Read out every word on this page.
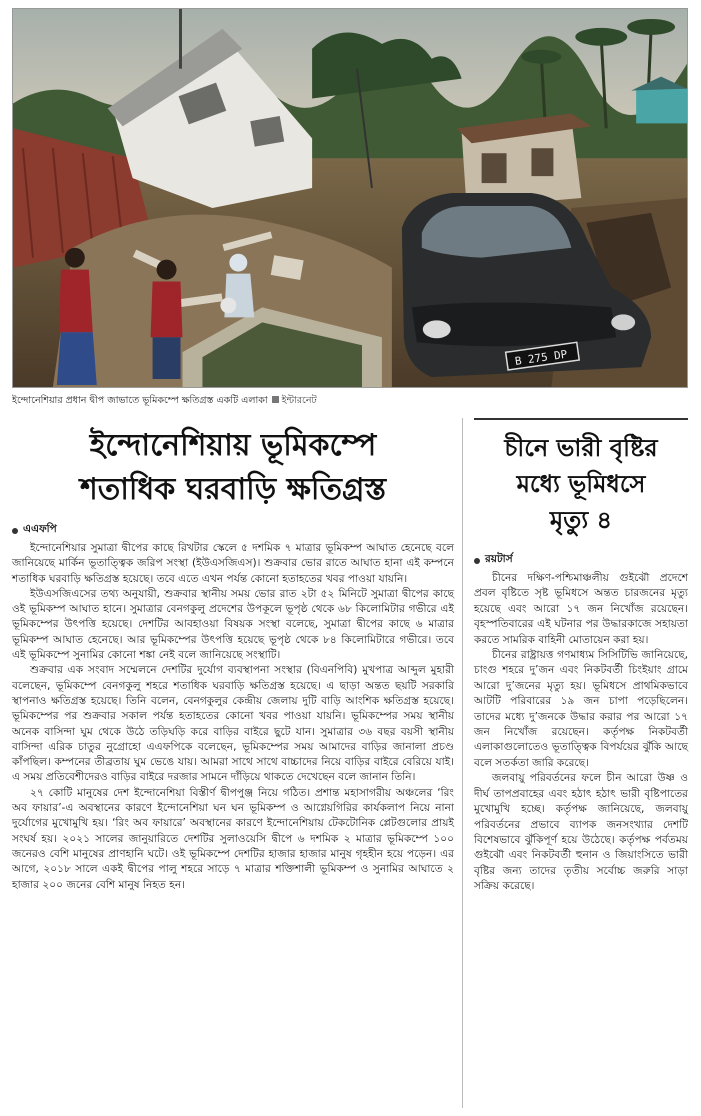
B 275 DP
ইন্দোনেশিয়ার প্রধান দ্বীপ জাভাতে ভূমিকম্পে ক্ষতিগ্রস্ত একটি এলাকা ইন্টারনেট
ইন্দোনেশিয়ায় ভূমিকম্পে
শতাধিক ঘরবাড়ি ক্ষতিগ্রস্ত
এএফপি

ইন্দোনেশিয়ার সুমাত্রা দ্বীপের কাছে রিখটার স্কেলে ৫ দশমিক ৭ মাত্রার ভূমিকম্প আঘাত হেনেছে বলে জানিয়েছে মার্কিন ভূতাত্ত্বিক জরিপ সংস্থা (ইউএসজিএস)। শুক্রবার ভোর রাতে আঘাত হানা এই কম্পনে শতাধিক ঘরবাড়ি ক্ষতিগ্রস্ত হয়েছে। তবে এতে এখন পর্যন্ত কোনো হতাহতের খবর পাওয়া যায়নি।

ইউএসজিএসের তথ্য অনুযায়ী, শুক্রবার স্থানীয় সময় ভোর রাত ২টা ৫২ মিনিটে সুমাত্রা দ্বীপের কাছে ওই ভূমিকম্প আঘাত হানে। সুমাত্রার বেনগকুলু প্রদেশের উপকূলে ভূপৃষ্ঠ থেকে ৬৮ কিলোমিটার গভীরে এই ভূমিকম্পের উৎপত্তি হয়েছে। দেশটির আবহাওয়া বিষয়ক সংস্থা বলেছে, সুমাত্রা দ্বীপের কাছে ৬ মাত্রার ভূমিকম্প আঘাত হেনেছে। আর ভূমিকম্পের উৎপত্তি হয়েছে ভূপৃষ্ঠ থেকে ৮৪ কিলোমিটারে গভীরে। তবে এই ভূমিকম্পে সুনামির কোনো শঙ্কা নেই বলে জানিয়েছে সংস্থাটি।

শুক্রবার এক সংবাদ সম্মেলনে দেশটির দুর্যোগ ব্যবস্থাপনা সংস্থার (বিএনপিবি) মুখপাত্র আব্দুল মুহারী বলেছেন, ভূমিকম্পে বেনগকুলু শহরে শতাধিক ঘরবাড়ি ক্ষতিগ্রস্ত হয়েছে। এ ছাড়া অন্তত ছয়টি সরকারি স্থাপনাও ক্ষতিগ্রস্ত হয়েছে। তিনি বলেন, বেনগকুলুর কেন্দ্রীয় জেলায় দুটি বাড়ি আংশিক ক্ষতিগ্রস্ত হয়েছে। ভূমিকম্পের পর শুক্রবার সকাল পর্যন্ত হতাহতের কোনো খবর পাওয়া যায়নি। ভূমিকম্পের সময় স্থানীয় অনেক বাসিন্দা ঘুম থেকে উঠে তড়িঘড়ি করে বাড়ির বাইরে ছুটে যান। সুমাত্রার ৩৬ বছর বয়সী স্থানীয় বাসিন্দা এরিক চাতুর নুগ্রোহো এএফপিকে বলেছেন, ভূমিকম্পের সময় আমাদের বাড়ির জানালা প্রচণ্ড কাঁপছিল। কম্পনের তীব্রতায় ঘুম ভেঙে যায়। আমরা সাথে সাথে বাচ্চাদের নিয়ে বাড়ির বাইরে বেরিয়ে যাই। এ সময় প্রতিবেশীদেরও বাড়ির বাইরে দরজার সামনে দাঁড়িয়ে থাকতে দেখেছেন বলে জানান তিনি।

২৭ কোটি মানুষের দেশ ইন্দোনেশিয়া বিস্তীর্ণ দ্বীপপুঞ্জ নিয়ে গঠিত। প্রশান্ত মহাসাগরীয় অঞ্চলের ‘রিং অব ফায়ার’-এ অবস্থানের কারণে ইন্দোনেশিয়া ঘন ঘন ভূমিকম্প ও আগ্নেয়গিরির কার্যকলাপ নিয়ে নানা দুর্যোগের মুখোমুখি হয়। ‘রিং অব ফায়ারে’ অবস্থানের কারণে ইন্দোনেশিয়ায় টেকটোনিক প্লেটগুলোর প্রায়ই সংঘর্ষ হয়। ২০২১ সালের জানুয়ারিতে দেশটির সুলাওয়েসি দ্বীপে ৬ দশমিক ২ মাত্রার ভূমিকম্পে ১০০ জনেরও বেশি মানুষের প্রাণহানি ঘটে। ওই ভূমিকম্পে দেশটির হাজার হাজার মানুষ গৃহহীন হয়ে পড়েন। এর আগে, ২০১৮ সালে একই দ্বীপের পালু শহরে সাড়ে ৭ মাত্রার শক্তিশালী ভূমিকম্প ও সুনামির আঘাতে ২ হাজার ২০০ জনের বেশি মানুষ নিহত হন।

চীনে ভারী বৃষ্টির
মধ্যে ভূমিধসে
মৃত্যু ৪
রয়টার্স

চীনের দক্ষিণ-পশ্চিমাঞ্চলীয় গুইঝৌ প্রদেশে প্রবল বৃষ্টিতে সৃষ্ট ভূমিধসে অন্তত চারজনের মৃত্যু হয়েছে এবং আরো ১৭ জন নিখোঁজ রয়েছেন। বৃহস্পতিবারের এই ঘটনার পর উদ্ধারকাজে সহায়তা করতে সামরিক বাহিনী মোতায়েন করা হয়।

চীনের রাষ্ট্রায়ত্ত গণমাধ্যম সিসিটিভি জানিয়েছে, চাংগু শহরে দু’জন এবং নিকটবর্তী চিংইয়াং গ্রামে আরো দু’জনের মৃত্যু হয়। ভূমিধসে প্রাথমিকভাবে আটটি পরিবারের ১৯ জন চাপা পড়েছিলেন। তাদের মধ্যে দু’জনকে উদ্ধার করার পর আরো ১৭ জন নিখোঁজ রয়েছেন। কর্তৃপক্ষ নিকটবর্তী এলাকাগুলোতেও ভূতাত্ত্বিক বিপর্যয়ের ঝুঁকি আছে বলে সতর্কতা জারি করেছে।

জলবায়ু পরিবর্তনের ফলে চীন আরো উষ্ণ ও দীর্ঘ তাপপ্রবাহের এবং হঠাৎ হঠাৎ ভারী বৃষ্টিপাতের মুখোমুখি হচ্ছে। কর্তৃপক্ষ জানিয়েছে, জলবায়ু পরিবর্তনের প্রভাবে ব্যাপক জনসংখ্যার দেশটি বিশেষভাবে ঝুঁকিপূর্ণ হয়ে উঠেছে। কর্তৃপক্ষ পর্বতময় গুইঝৌ এবং নিকটবর্তী হুনান ও জিয়াংসিতে ভারী বৃষ্টির জন্য তাদের তৃতীয় সর্বোচ্চ জরুরি সাড়া সক্রিয় করেছে।
